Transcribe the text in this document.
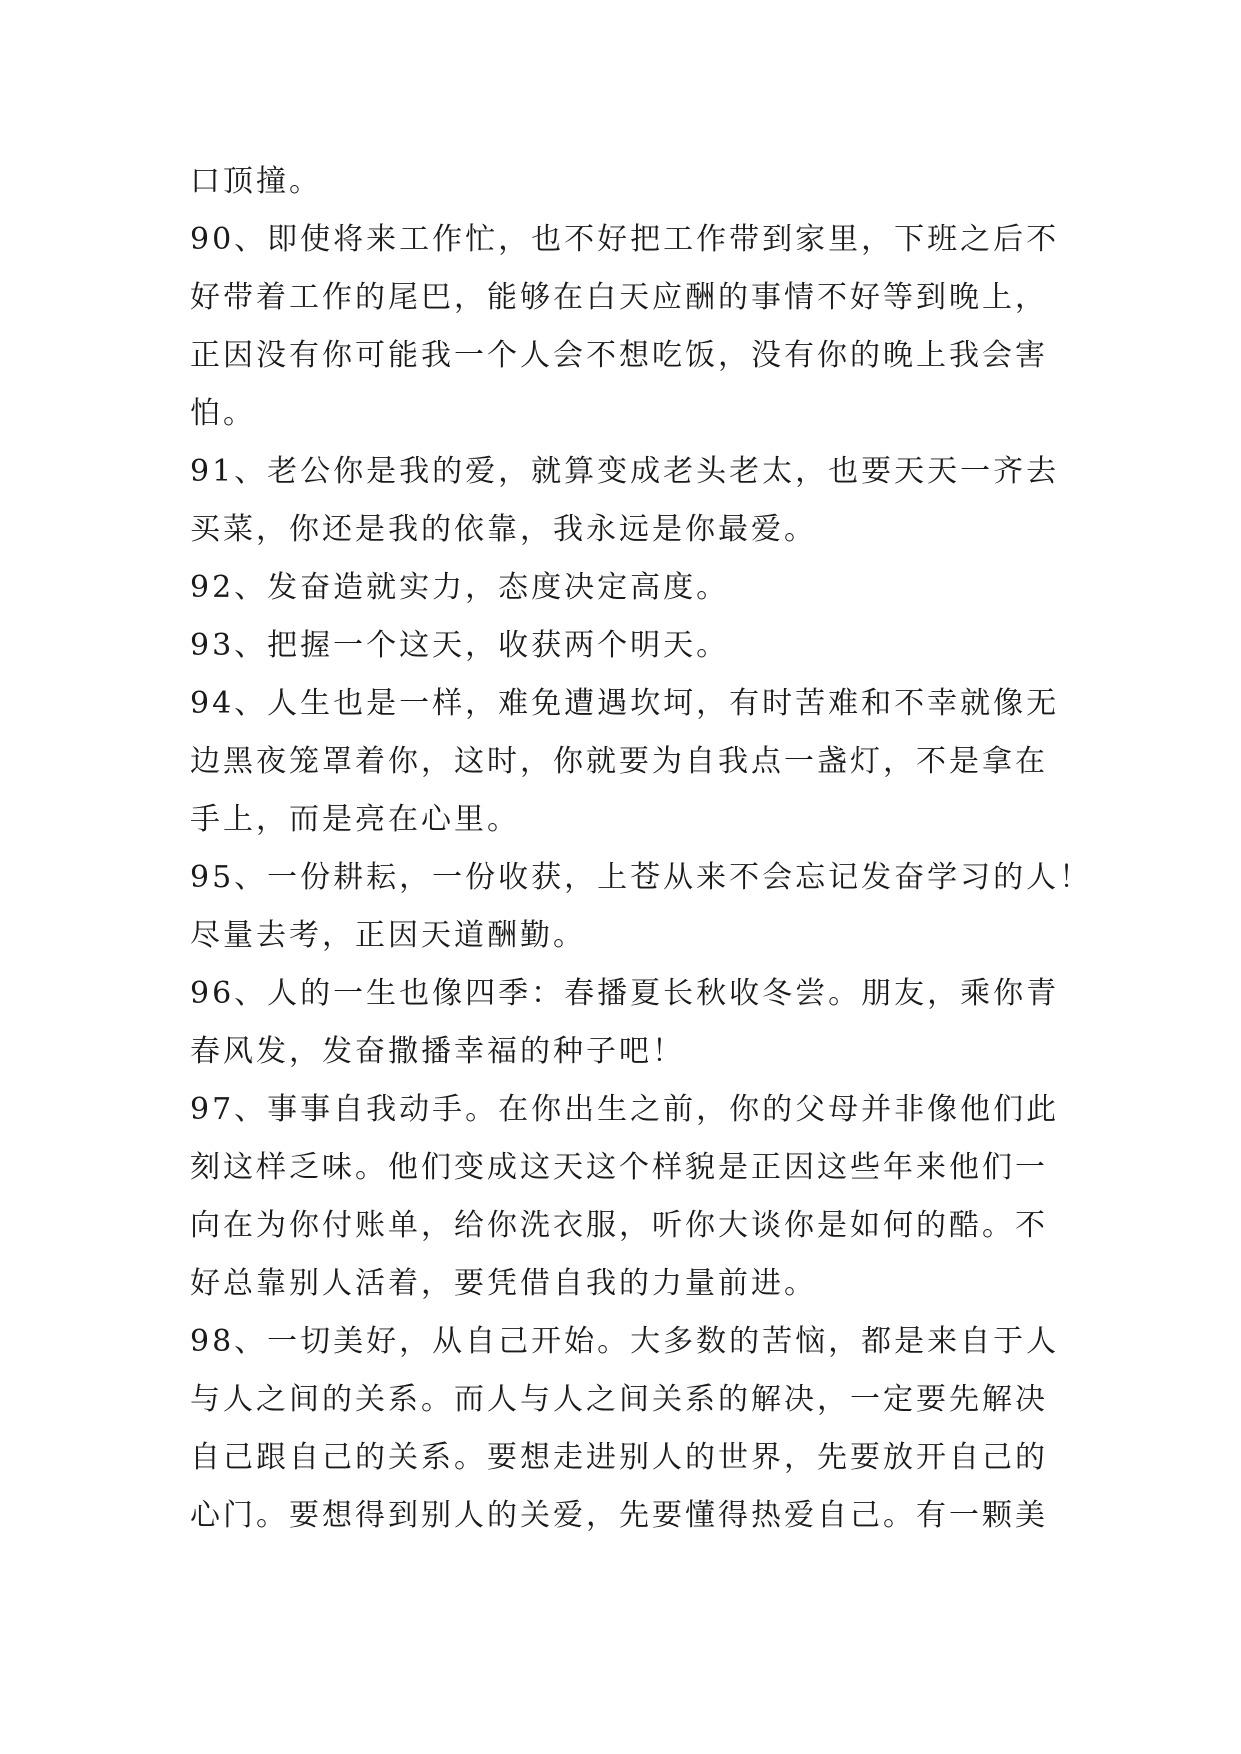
口顶撞。
90、即使将来工作忙，也不好把工作带到家里，下班之后不
好带着工作的尾巴，能够在白天应酬的事情不好等到晚上，
正因没有你可能我一个人会不想吃饭，没有你的晚上我会害
怕。
91、老公你是我的爱，就算变成老头老太，也要天天一齐去
买菜，你还是我的依靠，我永远是你最爱。
92、发奋造就实力，态度决定高度。
93、把握一个这天，收获两个明天。
94、人生也是一样，难免遭遇坎坷，有时苦难和不幸就像无
边黑夜笼罩着你，这时，你就要为自我点一盏灯，不是拿在
手上，而是亮在心里。
95、一份耕耘，一份收获，上苍从来不会忘记发奋学习的人！
尽量去考，正因天道酬勤。
96、人的一生也像四季：春播夏长秋收冬尝。朋友，乘你青
春风发，发奋撒播幸福的种子吧！
97、事事自我动手。在你出生之前，你的父母并非像他们此
刻这样乏味。他们变成这天这个样貌是正因这些年来他们一
向在为你付账单，给你洗衣服，听你大谈你是如何的酷。不
好总靠别人活着，要凭借自我的力量前进。
98、一切美好，从自己开始。大多数的苦恼，都是来自于人
与人之间的关系。而人与人之间关系的解决，一定要先解决
自己跟自己的关系。要想走进别人的世界，先要放开自己的
心门。要想得到别人的关爱，先要懂得热爱自己。有一颗美
